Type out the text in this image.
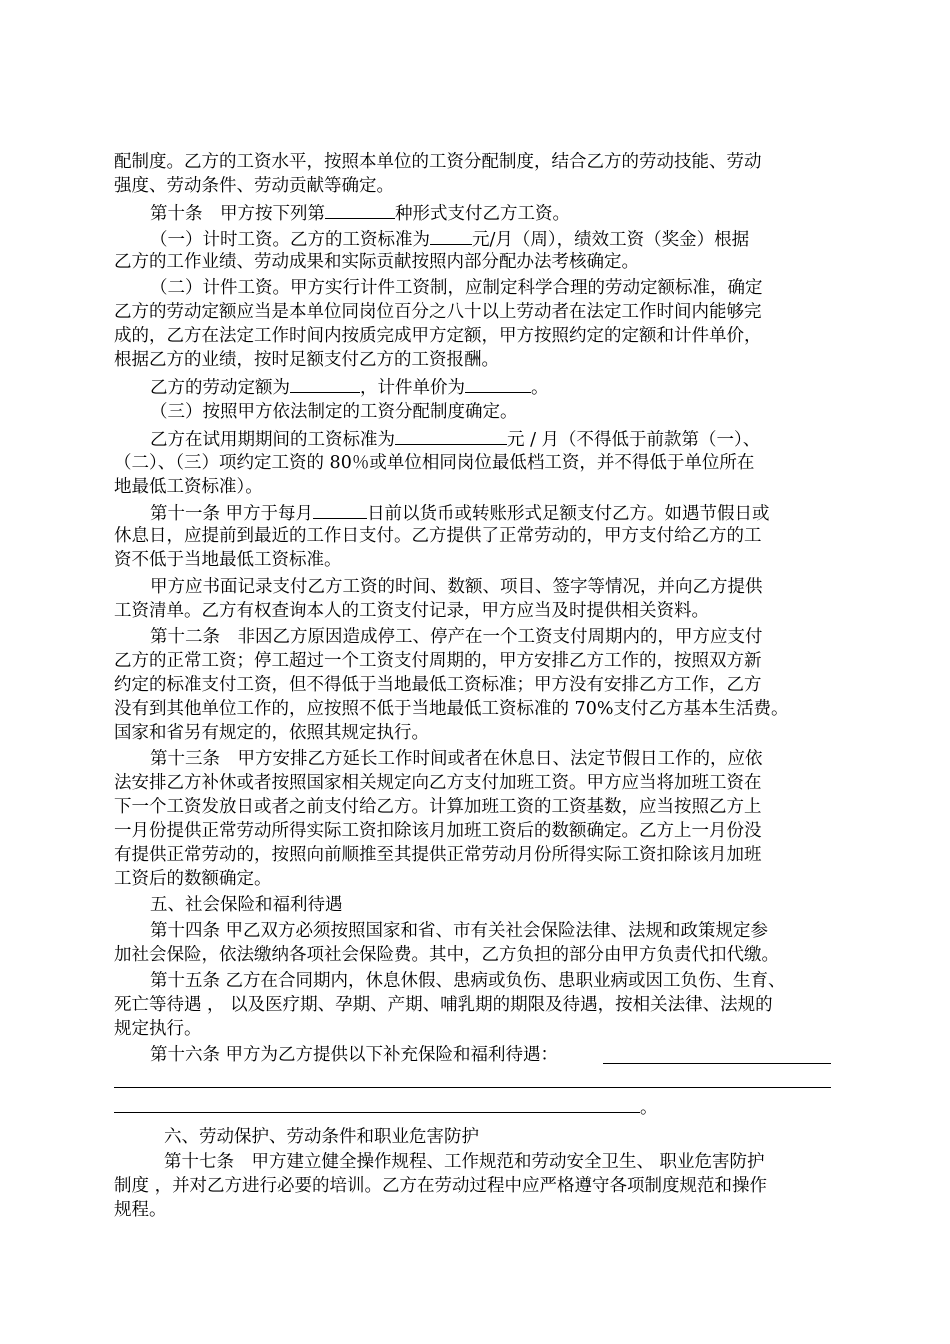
配制度。乙方的工资水平，按照本单位的工资分配制度，结合乙方的劳动技能、劳动
强度、劳动条件、劳动贡献等确定。
第十条　甲方按下列第	种形式支付乙方工资。
（一）计时工资。乙方的工资标准为 元/月（周），绩效工资（奖金）根据
乙方的工作业绩、劳动成果和实际贡献按照内部分配办法考核确定。
（二）计件工资。甲方实行计件工资制，应制定科学合理的劳动定额标准，确定
乙方的劳动定额应当是本单位同岗位百分之八十以上劳动者在法定工作时间内能够完
成的，乙方在法定工作时间内按质完成甲方定额，甲方按照约定的定额和计件单价，
根据乙方的业绩，按时足额支付乙方的工资报酬。
乙方的劳动定额为	，计件单价为	。
（三）按照甲方依法制定的工资分配制度确定。
乙方在试用期期间的工资标准为	元 / 月（不得低于前款第（一）、
（二）、（三）项约定工资的 80％或单位相同岗位最低档工资，并不得低于单位所在
地最低工资标准）。
第十一条 甲方于每月	日前以货币或转账形式足额支付乙方。如遇节假日或
休息日，应提前到最近的工作日支付。乙方提供了正常劳动的，甲方支付给乙方的工
资不低于当地最低工资标准。
甲方应书面记录支付乙方工资的时间、数额、项目、签字等情况，并向乙方提供
工资清单。乙方有权查询本人的工资支付记录，甲方应当及时提供相关资料。
第十二条　非因乙方原因造成停工、停产在一个工资支付周期内的，甲方应支付
乙方的正常工资；停工超过一个工资支付周期的，甲方安排乙方工作的，按照双方新
约定的标准支付工资，但不得低于当地最低工资标准；甲方没有安排乙方工作，乙方
没有到其他单位工作的，应按照不低于当地最低工资标准的 70%支付乙方基本生活费。
国家和省另有规定的，依照其规定执行。
第十三条　甲方安排乙方延长工作时间或者在休息日、法定节假日工作的，应依
法安排乙方补休或者按照国家相关规定向乙方支付加班工资。甲方应当将加班工资在
下一个工资发放日或者之前支付给乙方。计算加班工资的工资基数，应当按照乙方上
一月份提供正常劳动所得实际工资扣除该月加班工资后的数额确定。乙方上一月份没
有提供正常劳动的，按照向前顺推至其提供正常劳动月份所得实际工资扣除该月加班
工资后的数额确定。
五、社会保险和福利待遇
第十四条 甲乙双方必须按照国家和省、市有关社会保险法律、法规和政策规定参
加社会保险，依法缴纳各项社会保险费。其中，乙方负担的部分由甲方负责代扣代缴。
第十五条 乙方在合同期内，休息休假、患病或负伤、患职业病或因工负伤、生育、
死亡等待遇 ， 以及医疗期、孕期、产期、哺乳期的期限及待遇，按相关法律、法规的
规定执行。
第十六条 甲方为乙方提供以下补充保险和福利待遇：
。
六、劳动保护、劳动条件和职业危害防护
第十七条　甲方建立健全操作规程、工作规范和劳动安全卫生、 职业危害防护
制度 ，并对乙方进行必要的培训。乙方在劳动过程中应严格遵守各项制度规范和操作
规程。
